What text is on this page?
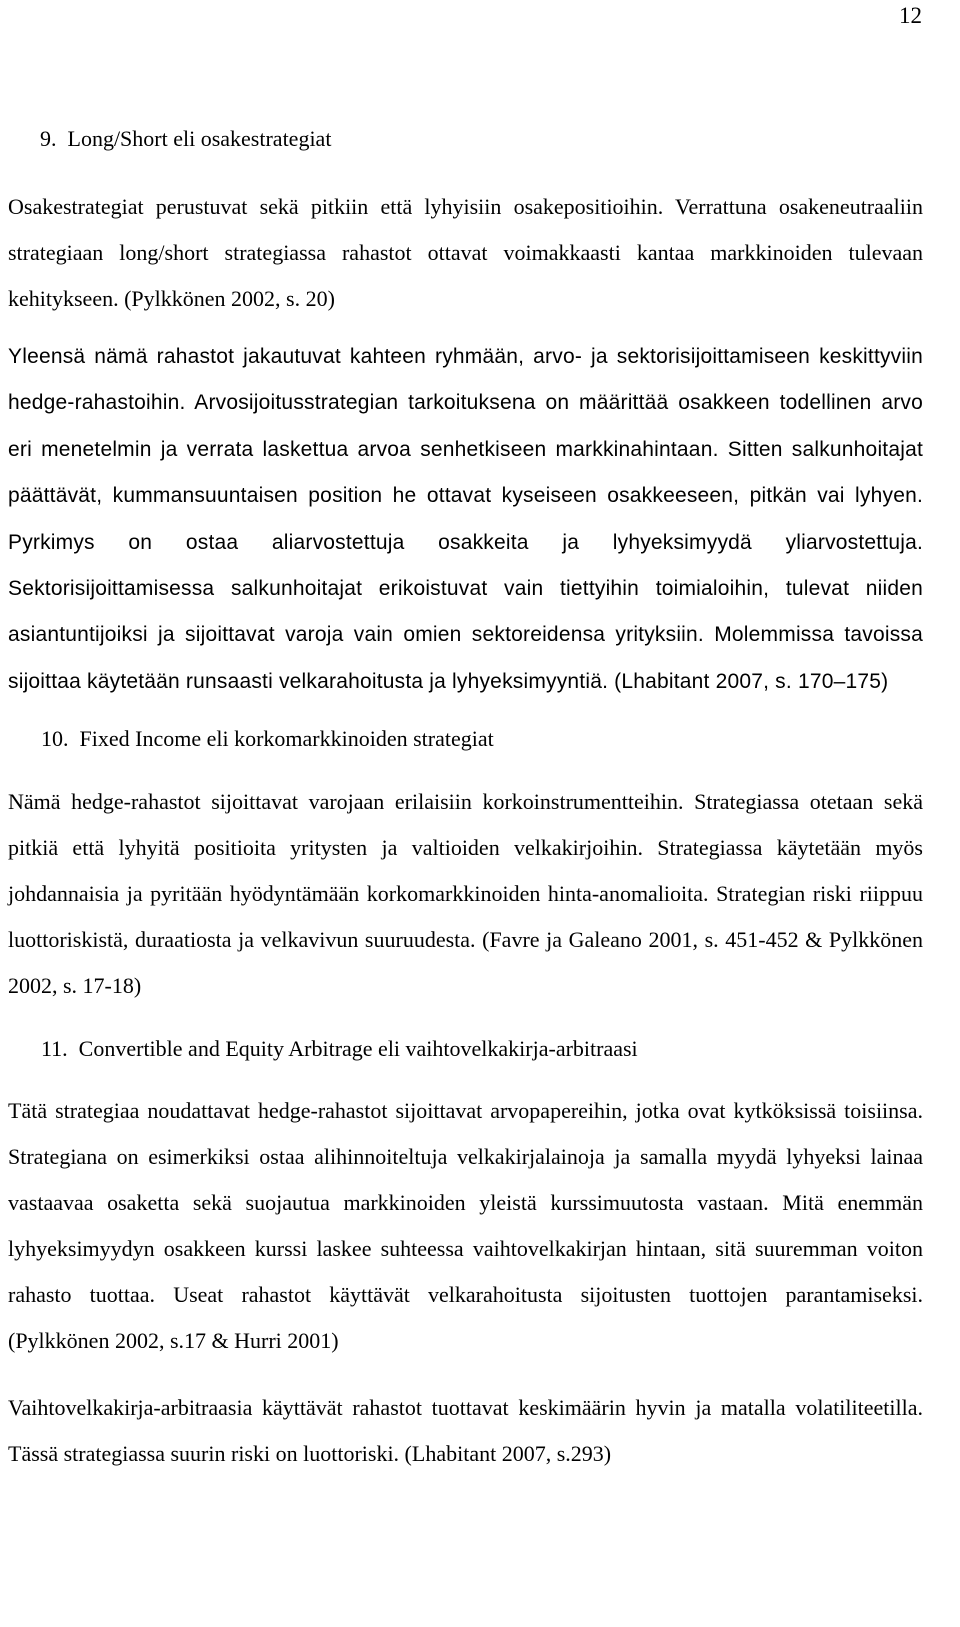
12
9.  Long/Short eli osakestrategiat

Osakestrategiat perustuvat sekä pitkiin että lyhyisiin osakepositioihin. Verrattuna osakeneutraaliin strategiaan long/short strategiassa rahastot ottavat voimakkaasti kantaa markkinoiden tulevaan kehitykseen. (Pylkkönen 2002, s. 20)

Yleensä nämä rahastot jakautuvat kahteen ryhmään, arvo- ja sektorisijoittamiseen keskittyviin hedge-rahastoihin. Arvosijoitusstrategian tarkoituksena on määrittää osakkeen todellinen arvo eri menetelmin ja verrata laskettua arvoa senhetkiseen markkinahintaan. Sitten salkunhoitajat päättävät, kummansuuntaisen position he ottavat kyseiseen osakkeeseen, pitkän vai lyhyen. Pyrkimys on ostaa aliarvostettuja osakkeita ja lyhyeksimyydä yliarvostettuja. Sektorisijoittamisessa salkunhoitajat erikoistuvat vain tiettyihin toimialoihin, tulevat niiden asiantuntijoiksi ja sijoittavat varoja vain omien sektoreidensa yrityksiin. Molemmissa tavoissa sijoittaa käytetään runsaasti velkarahoitusta ja lyhyeksimyyntiä. (Lhabitant 2007, s. 170–175)

10.  Fixed Income eli korkomarkkinoiden strategiat

Nämä hedge-rahastot sijoittavat varojaan erilaisiin korkoinstrumentteihin. Strategiassa otetaan sekä pitkiä että lyhyitä positioita yritysten ja valtioiden velkakirjoihin. Strategiassa käytetään myös johdannaisia ja pyritään hyödyntämään korkomarkkinoiden hinta-anomalioita. Strategian riski riippuu luottoriskistä, duraatiosta ja velkavivun suuruudesta. (Favre ja Galeano 2001, s. 451-452 & Pylkkönen 2002, s. 17-18)

11.  Convertible and Equity Arbitrage eli vaihtovelkakirja-arbitraasi

Tätä strategiaa noudattavat hedge-rahastot sijoittavat arvopapereihin, jotka ovat kytköksissä toisiinsa. Strategiana on esimerkiksi ostaa alihinnoiteltuja velkakirjalainoja ja samalla myydä lyhyeksi lainaa vastaavaa osaketta sekä suojautua markkinoiden yleistä kurssimuutosta vastaan. Mitä enemmän lyhyeksimyydyn osakkeen kurssi laskee suhteessa vaihtovelkakirjan hintaan, sitä suuremman voiton rahasto tuottaa. Useat rahastot käyttävät velkarahoitusta sijoitusten tuottojen parantamiseksi. (Pylkkönen 2002, s.17 & Hurri 2001)

Vaihtovelkakirja-arbitraasia käyttävät rahastot tuottavat keskimäärin hyvin ja matalla volatiliteetilla. Tässä strategiassa suurin riski on luottoriski. (Lhabitant 2007, s.293)
